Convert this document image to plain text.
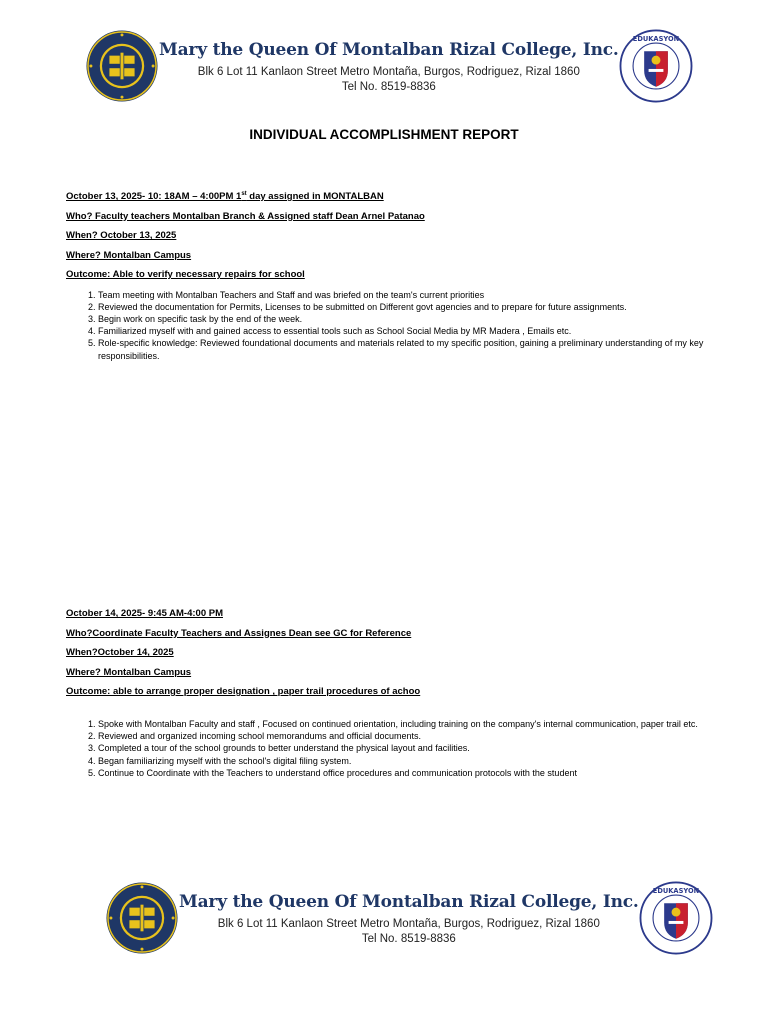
Mary the Queen Of Montalban Rizal College, Inc.
Blk 6 Lot 11 Kanlaon Street Metro Montaña, Burgos, Rodriguez, Rizal 1860
Tel No. 8519-8836
EDUKASYON
INDIVIDUAL ACCOMPLISHMENT REPORT
October 13, 2025- 10: 18AM – 4:00PM 1st day assigned in MONTALBAN
Who? Faculty teachers Montalban Branch & Assigned staff Dean Arnel Patanao
When? October 13, 2025
Where? Montalban Campus
Outcome: Able to verify necessary repairs for school
1. Team meeting with Montalban Teachers and Staff and was briefed on the team's current priorities
2. Reviewed the documentation for Permits, Licenses to be submitted on Different govt agencies and to prepare for future assignments.
3. Begin work on specific task by the end of the week.
4. Familiarized myself with and gained access to essential tools such as School Social Media by MR Madera , Emails etc.
5. Role-specific knowledge: Reviewed foundational documents and materials related to my specific position, gaining a preliminary understanding of my key responsibilities.
October 14, 2025- 9:45 AM-4:00 PM
Who?Coordinate Faculty Teachers and Assignes Dean see GC for Reference
When?October 14, 2025
Where? Montalban Campus
Outcome: able to arrange proper designation , paper trail procedures of achoo
1. Spoke with Montalban Faculty and staff , Focused on continued orientation, including training on the company's internal communication, paper trail etc.
2. Reviewed and organized incoming school memorandums and official documents.
3. Completed a tour of the school grounds to better understand the physical layout and facilities.
4. Began familiarizing myself with the school's digital filing system.
5. Continue to Coordinate with the Teachers to understand office procedures and communication protocols with the student
Mary the Queen Of Montalban Rizal College, Inc.
Blk 6 Lot 11 Kanlaon Street Metro Montaña, Burgos, Rodriguez, Rizal 1860
Tel No. 8519-8836
EDUKASYON
